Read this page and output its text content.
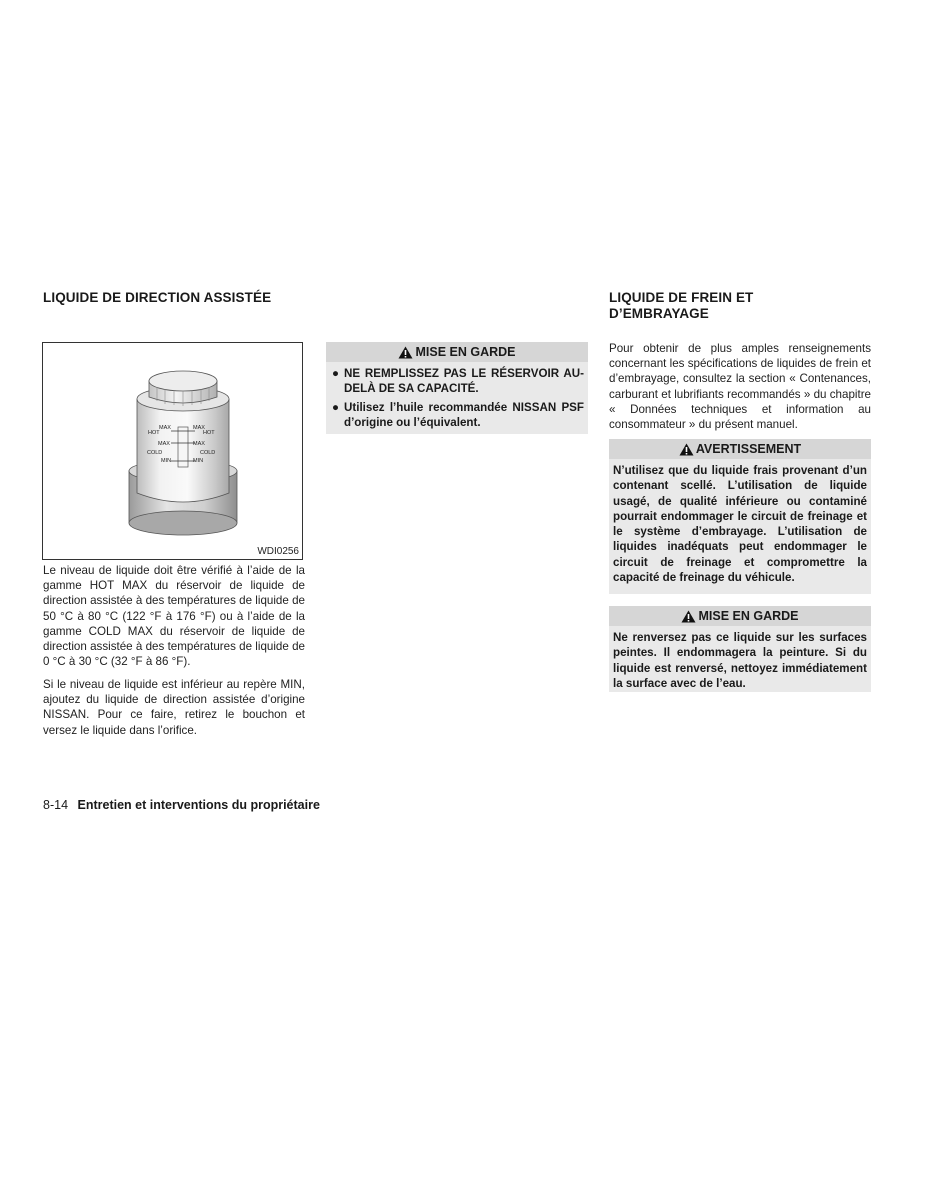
LIQUIDE DE DIRECTION ASSISTÉE
MAX	MAX
HOT	HOT
MAX	MAX
COLD	COLD
MIN	MIN
WDI0256

Le niveau de liquide doit être vérifié à l’aide de la gamme HOT MAX du réservoir de liquide de direction assistée à des températures de liquide de 50 °C à 80 °C (122 °F à 176 °F) ou à l’aide de la gamme COLD MAX du réservoir de liquide de direction assistée à des températures de liquide de 0 °C à 30 °C (32 °F à 86 °F).

Si le niveau de liquide est inférieur au repère MIN, ajoutez du liquide de direction assistée d’origine NISSAN. Pour ce faire, retirez le bouchon et versez le liquide dans l’orifice.

MISE EN GARDE
● NE REMPLISSEZ PAS LE RÉSERVOIR AU-DELÀ DE SA CAPACITÉ.
● Utilisez l’huile recommandée NISSAN PSF d’origine ou l’équivalent.
LIQUIDE DE FREIN ET
D’EMBRAYAGE

Pour obtenir de plus amples renseignements concernant les spécifications de liquides de frein et d’embrayage, consultez la section « Contenances, carburant et lubrifiants recommandés » du chapitre « Données techniques et information au consommateur » du présent manuel.

AVERTISSEMENT
N’utilisez que du liquide frais provenant d’un contenant scellé. L’utilisation de liquide usagé, de qualité inférieure ou contaminé pourrait endommager le circuit de freinage et le système d’embrayage. L’utilisation de liquides inadéquats peut endommager le circuit de freinage et compromettre la capacité de freinage du véhicule.
MISE EN GARDE
Ne renversez pas ce liquide sur les surfaces peintes. Il endommagera la peinture. Si du liquide est renversé, nettoyez immédiatement la surface avec de l’eau.
8-14 Entretien et interventions du propriétaire
